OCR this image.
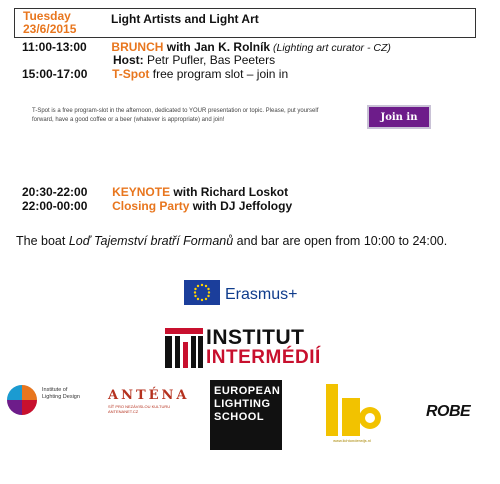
Tuesday
23/6/2015
Light Artists and Light Art
11:00-13:00 BRUNCH with Jan K. Rolník (Lighting art curator - CZ)
Host: Petr Pufler, Bas Peeters
15:00-17:00 T-Spot free program slot – join in
T-Spot is a free program-slot in the afternoon, dedicated to YOUR presentation or topic. Please, put yourself forward, have a good coffee or a beer (whatever is appropriate) and join!	Join in
20:30-22:00 KEYNOTE with Richard Loskot
22:00-00:00 Closing Party with DJ Jeffology
The boat Loď Tajemství bratří Formanů and bar are open from 10:00 to 24:00.
Erasmus+
INSTITUT
INTERMÉDIÍ
Institute of Lighting Design	ANTÉNA
SÍŤ PRO NEZÁVISLOU KULTURU ANTENANET.CZ
EUROPEAN
LIGHTING
SCHOOL
www.lichtonderwijs.nl
ROBE
